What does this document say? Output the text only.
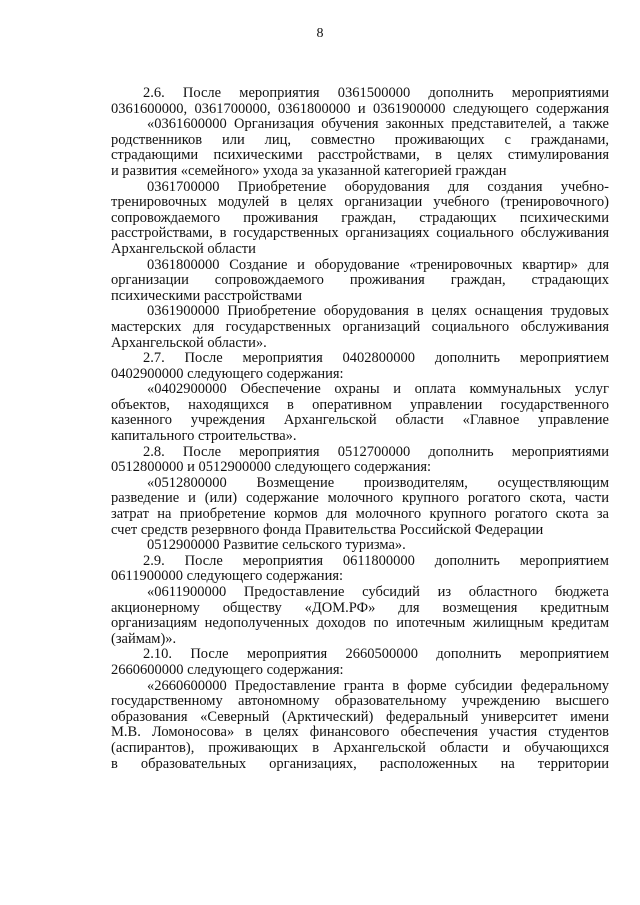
8
2.6. После мероприятия 0361500000 дополнить мероприятиями
0361600000, 0361700000, 0361800000 и 0361900000 следующего содержания
«0361600000 Организация обучения законных представителей, а также
родственников или лиц, совместно проживающих с гражданами,
страдающими психическими расстройствами, в целях стимулирования
и развития «семейного» ухода за указанной категорией граждан
0361700000 Приобретение оборудования для создания учебно-
тренировочных модулей в целях организации учебного (тренировочного)
сопровождаемого проживания граждан, страдающих психическими
расстройствами, в государственных организациях социального обслуживания
Архангельской области
0361800000 Создание и оборудование «тренировочных квартир» для
организации сопровождаемого проживания граждан, страдающих
психическими расстройствами
0361900000 Приобретение оборудования в целях оснащения трудовых
мастерских для государственных организаций социального обслуживания
Архангельской области».
2.7. После мероприятия 0402800000 дополнить мероприятием
0402900000 следующего содержания:
«0402900000 Обеспечение охраны и оплата коммунальных услуг
объектов, находящихся в оперативном управлении государственного
казенного учреждения Архангельской области «Главное управление
капитального строительства».
2.8. После мероприятия 0512700000 дополнить мероприятиями
0512800000 и 0512900000 следующего содержания:
«0512800000 Возмещение производителям, осуществляющим
разведение и (или) содержание молочного крупного рогатого скота, части
затрат на приобретение кормов для молочного крупного рогатого скота за
счет средств резервного фонда Правительства Российской Федерации
0512900000 Развитие сельского туризма».
2.9. После мероприятия 0611800000 дополнить мероприятием
0611900000 следующего содержания:
«0611900000 Предоставление субсидий из областного бюджета
акционерному обществу «ДОМ.РФ» для возмещения кредитным
организациям недополученных доходов по ипотечным жилищным кредитам
(займам)».
2.10. После мероприятия 2660500000 дополнить мероприятием
2660600000 следующего содержания:
«2660600000 Предоставление гранта в форме субсидии федеральному
государственному автономному образовательному учреждению высшего
образования «Северный (Арктический) федеральный университет имени
М.В. Ломоносова» в целях финансового обеспечения участия студентов
(аспирантов), проживающих в Архангельской области и обучающихся
в образовательных организациях, расположенных на территории
